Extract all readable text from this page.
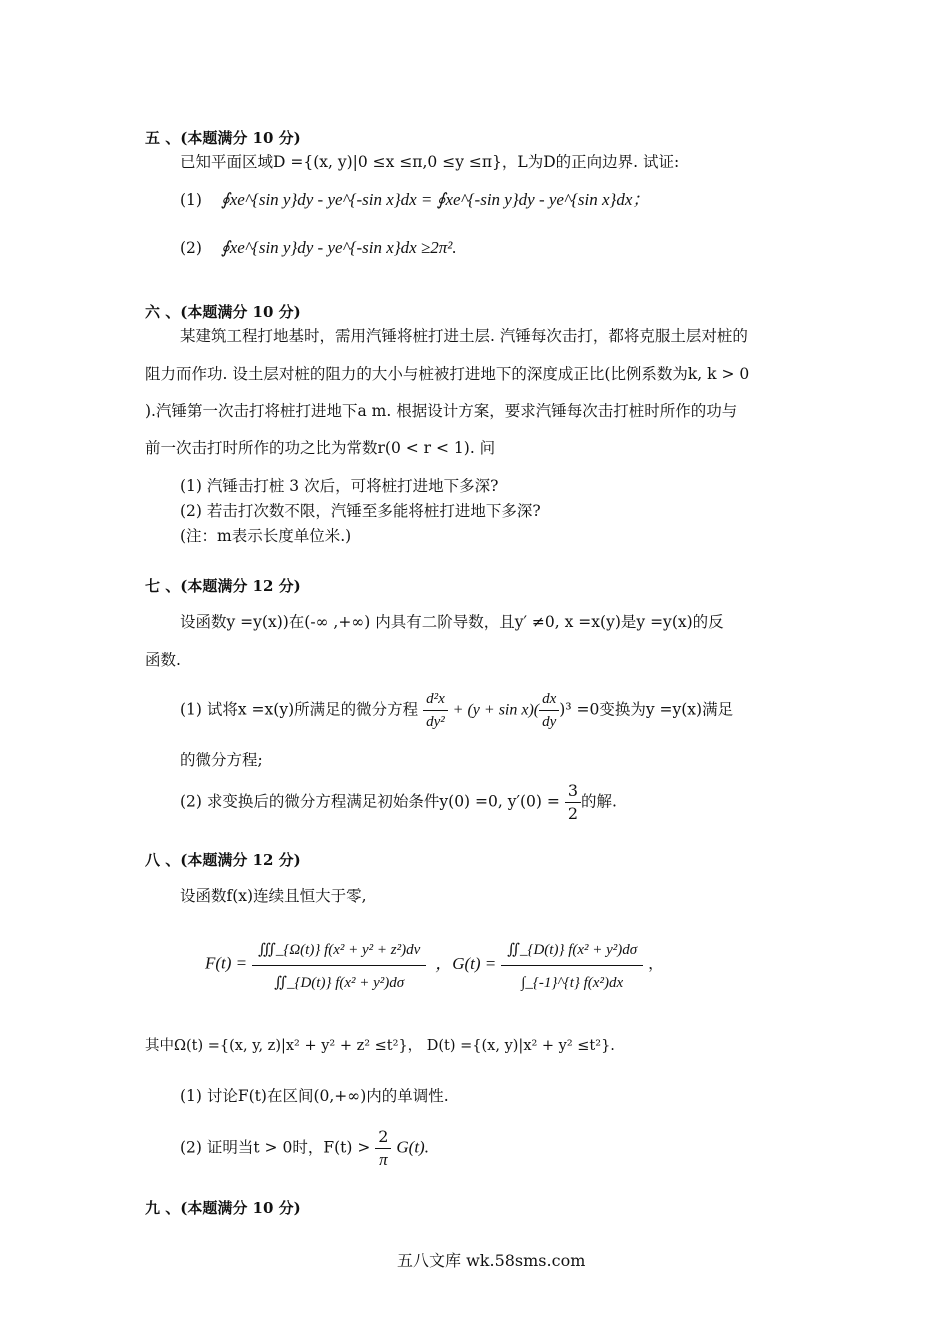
五 、(本题满分 10 分)
已知平面区域D ={(x, y)|0 ≤x ≤π,0 ≤y ≤π}，L为D的正向边界. 试证:
(1) ∮xe^{sin y}dy - ye^{-sin x}dx = ∮xe^{-sin y}dy - ye^{sin x}dx；
(2) ∮xe^{sin y}dy - ye^{-sin x}dx ≥2π².
六 、(本题满分 10 分)
某建筑工程打地基时，需用汽锤将桩打进土层. 汽锤每次击打，都将克服土层对桩的
阻力而作功. 设土层对桩的阻力的大小与桩被打进地下的深度成正比(比例系数为k, k > 0
).汽锤第一次击打将桩打进地下a m. 根据设计方案，要求汽锤每次击打桩时所作的功与
前一次击打时所作的功之比为常数r(0 < r < 1). 问
(1) 汽锤击打桩 3 次后，可将桩打进地下多深?
(2) 若击打次数不限，汽锤至多能将桩打进地下多深?
(注：m表示长度单位米.)
七 、(本题满分 12 分)
设函数y =y(x))在(-∞ ,+∞) 内具有二阶导数，且y′ ≠0, x =x(y)是y =y(x)的反
函数.
(1) 试将x =x(y)所满足的微分方程 $\frac{\text{d²x}}{\text{dy²}} + (y + \sin x)( \frac{dx}{dy} )^3 =0$变换为y =y(x)满足
的微分方程;
(2) 求变换后的微分方程满足初始条件y(0) =0, $y'(0) = \frac{3}{2}$ 的解.
八 、(本题满分 12 分)
设函数f(x)连续且恒大于零,
$F(t) = \frac{\text{∭\_\{Ω(t)\} f(x² + y² + z²)dv}}{\text{∬\_\{D(t)\} f(x² + y²)dσ}}$ ，$G(t) = \frac{\text{∬\_\{D(t)\} f(x² + y²)dσ}}{\text{∫\_\{-1\}\textasciicircum{}\{t\} f(x²)dx}}$ ，
其中Ω(t) ={(x, y, z)|x² + y² + z² ≤t²}， D(t) ={(x, y)|x² + y² ≤t²}.
(1) 讨论F(t)在区间(0,+∞)内的单调性.
(2) 证明当t > 0时，$F(t) > \frac{2}{\pi} G(t)$.
九 、(本题满分 10 分)
五八文库 wk.58sms.com
